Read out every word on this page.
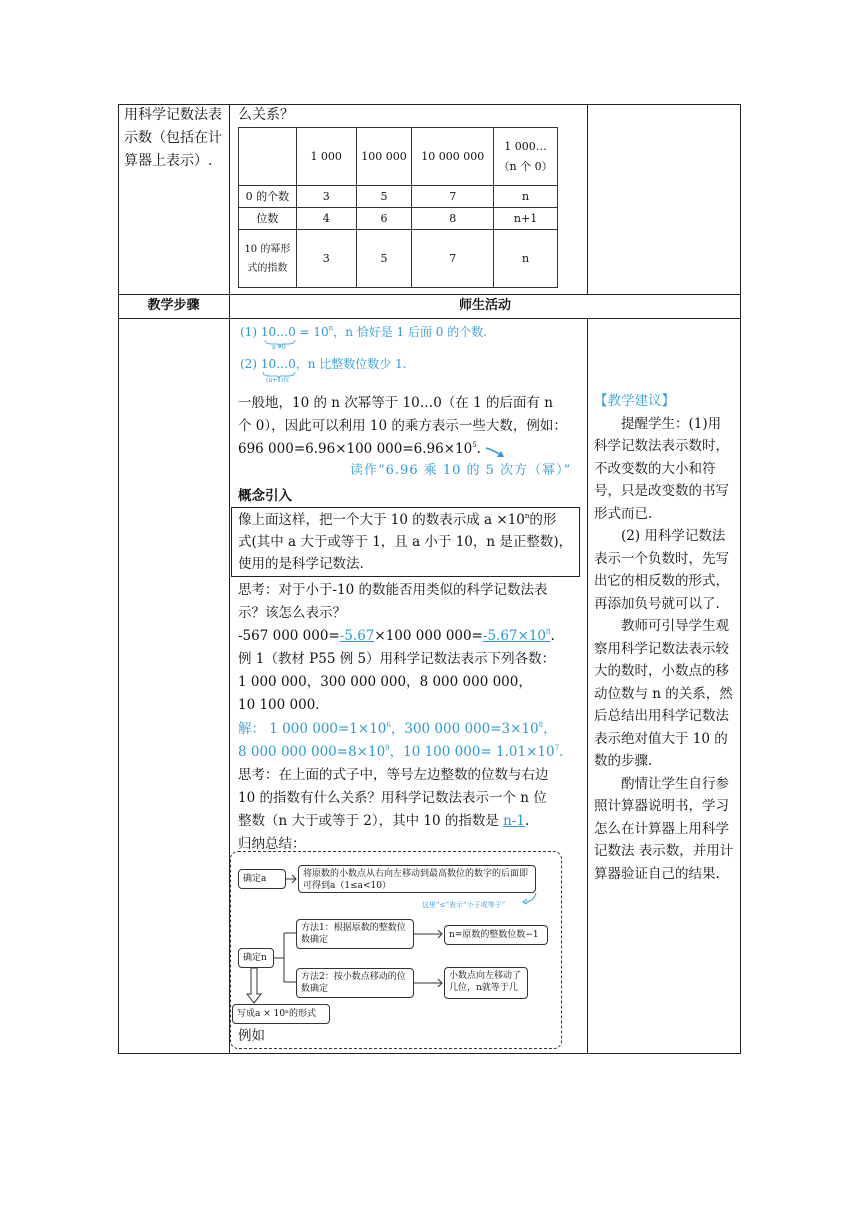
用科学记数法表示数（包括在计算器上表示）.
么关系？
	1 000	100 000	10 000 000	1 000…（n 个 0）
0 的个数	3	5	7	n
位数	4	6	8	n+1
10 的幂形式的指数	3	5	7	n
教学步骤	师生活动
(1) 10…0 = $10^n$，n 恰好是 1 后面 0 的个数.
n个0
(2) 10…0，n 比整数位数少 1.
(n+1)位
一般地，10 的 n 次幂等于 10…0（在 1 的后面有 n
个 0），因此可以利用 10 的乘方表示一些大数，例如：
696 000=6.96×100 $000=6.96\times 10^5$.
读作“6.96 乘 10 的 5 次方（幂）”
概念引入
像上面这样，把一个大于 10 的数表示成 $a \times 10^n$的形
式(其中 a 大于或等于 1，且 a 小于 10，n 是正整数)，
使用的是科学记数法.
思考：对于小于-10 的数能否用类似的科学记数法表
示？该怎么表示？
-567 000 000=-5.67×100 000 $000=-5.67\times 10^8$.
例 1（教材 P55 例 5）用科学记数法表示下列各数：
1 000 000，300 000 000，8 000 000 000，
10 100 000.
解： 1 000 $000=1\times 10^6$，300 000 $000=3\times 10^8$，
8 000 000 $000=8\times 10^9$，10 100 $000= 1.01\times 10^7$.
思考：在上面的式子中，等号左边整数的位数与右边
10 的指数有什么关系？用科学记数法表示一个 n 位
整数（n 大于或等于 2），其中 10 的指数是 n-1.
归纳总结：
确定a	将原数的小数点从右向左移动到最高数位的数字的后面即可得到a（1≤a<10）
这里“≤”表示“小于或等于”
确定n
方法1：根据原数的整数位数确定	n=原数的整数位数−1
方法2：按小数点移动的位数确定
小数点向左移动了几位，n就等于几
写成a × 10ⁿ的形式
例如

【教学建议】

提醒学生：(1)用科学记数法表示数时，不改变数的大小和符号，只是改变数的书写形式而已.

(2) 用科学记数法表示一个负数时，先写出它的相反数的形式，再添加负号就可以了.

教师可引导学生观察用科学记数法表示较大的数时，小数点的移动位数与 n 的关系，然后总结出用科学记数法表示绝对值大于 10 的数的步骤.

酌情让学生自行参照计算器说明书，学习怎么在计算器上用科学记数法 表示数，并用计算器验证自己的结果.
